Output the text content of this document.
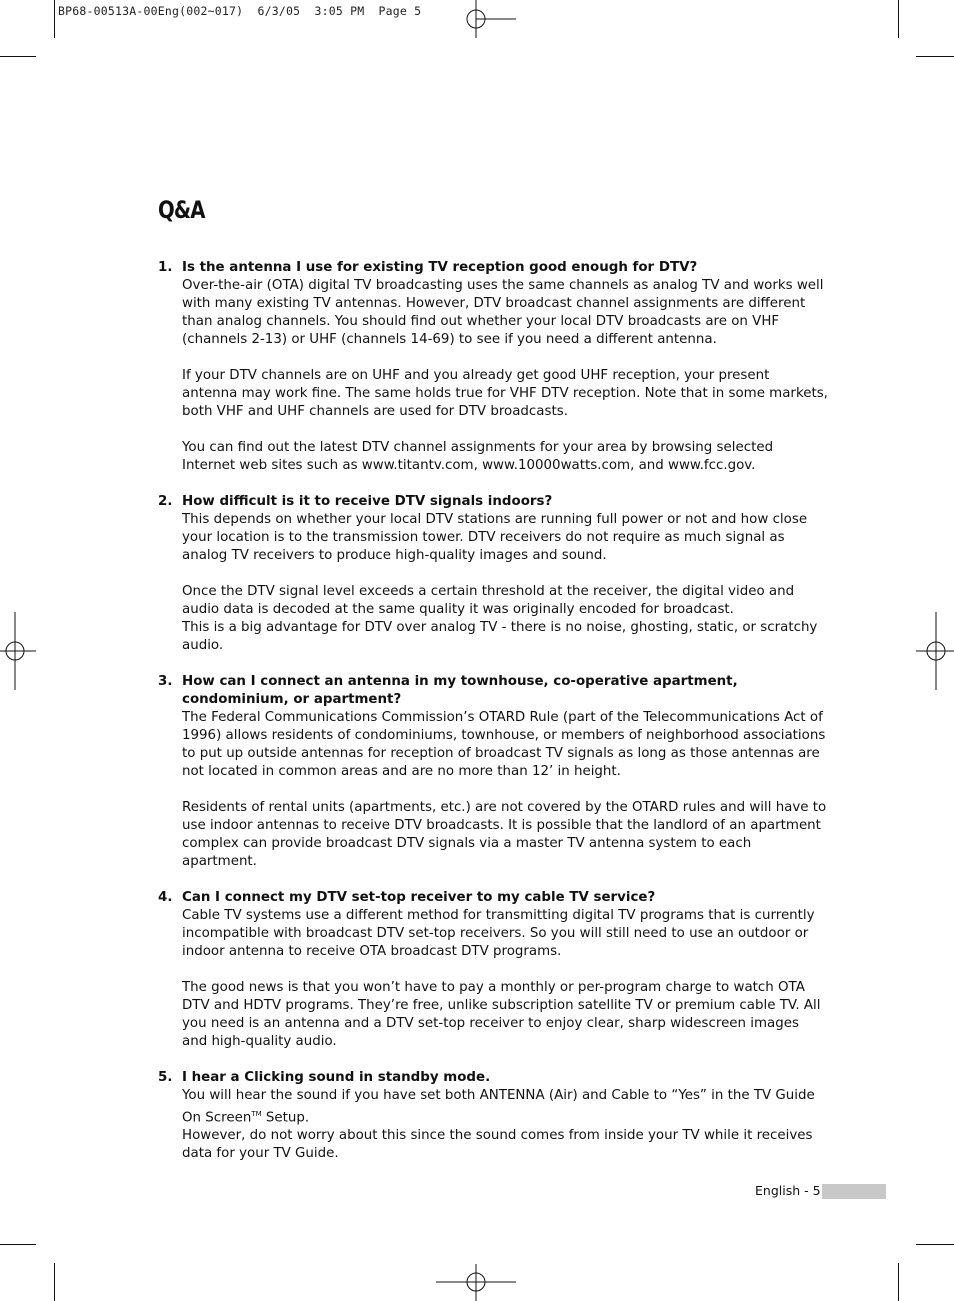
BP68-00513A-00Eng(002~017)  6/3/05  3:05 PM  Page 5
Q&A
1. Is the antenna I use for existing TV reception good enough for DTV?

Over-the-air (OTA) digital TV broadcasting uses the same channels as analog TV and works well with many existing TV antennas. However, DTV broadcast channel assignments are different than analog channels. You should find out whether your local DTV broadcasts are on VHF (channels 2-13) or UHF (channels 14-69) to see if you need a different antenna.

If your DTV channels are on UHF and you already get good UHF reception, your present antenna may work fine. The same holds true for VHF DTV reception. Note that in some markets, both VHF and UHF channels are used for DTV broadcasts.

You can find out the latest DTV channel assignments for your area by browsing selected Internet web sites such as www.titantv.com, www.10000watts.com, and www.fcc.gov.

2. How difficult is it to receive DTV signals indoors?

This depends on whether your local DTV stations are running full power or not and how close your location is to the transmission tower. DTV receivers do not require as much signal as analog TV receivers to produce high-quality images and sound.

Once the DTV signal level exceeds a certain threshold at the receiver, the digital video and audio data is decoded at the same quality it was originally encoded for broadcast.

This is a big advantage for DTV over analog TV - there is no noise, ghosting, static, or scratchy audio.

3. How can I connect an antenna in my townhouse, co-operative apartment, condominium, or apartment?

The Federal Communications Commission’s OTARD Rule (part of the Telecommunications Act of 1996) allows residents of condominiums, townhouse, or members of neighborhood associations to put up outside antennas for reception of broadcast TV signals as long as those antennas are not located in common areas and are no more than 12’ in height.

Residents of rental units (apartments, etc.) are not covered by the OTARD rules and will have to use indoor antennas to receive DTV broadcasts. It is possible that the landlord of an apartment complex can provide broadcast DTV signals via a master TV antenna system to each apartment.

4. Can I connect my DTV set-top receiver to my cable TV service?

Cable TV systems use a different method for transmitting digital TV programs that is currently incompatible with broadcast DTV set-top receivers. So you will still need to use an outdoor or indoor antenna to receive OTA broadcast DTV programs.

The good news is that you won’t have to pay a monthly or per-program charge to watch OTA DTV and HDTV programs. They’re free, unlike subscription satellite TV or premium cable TV. All you need is an antenna and a DTV set-top receiver to enjoy clear, sharp widescreen images and high-quality audio.

5. I hear a Clicking sound in standby mode.

You will hear the sound if you have set both ANTENNA (Air) and Cable to “Yes” in the TV Guide On Screen™ Setup.

However, do not worry about this since the sound comes from inside your TV while it receives data for your TV Guide.

English - 5
